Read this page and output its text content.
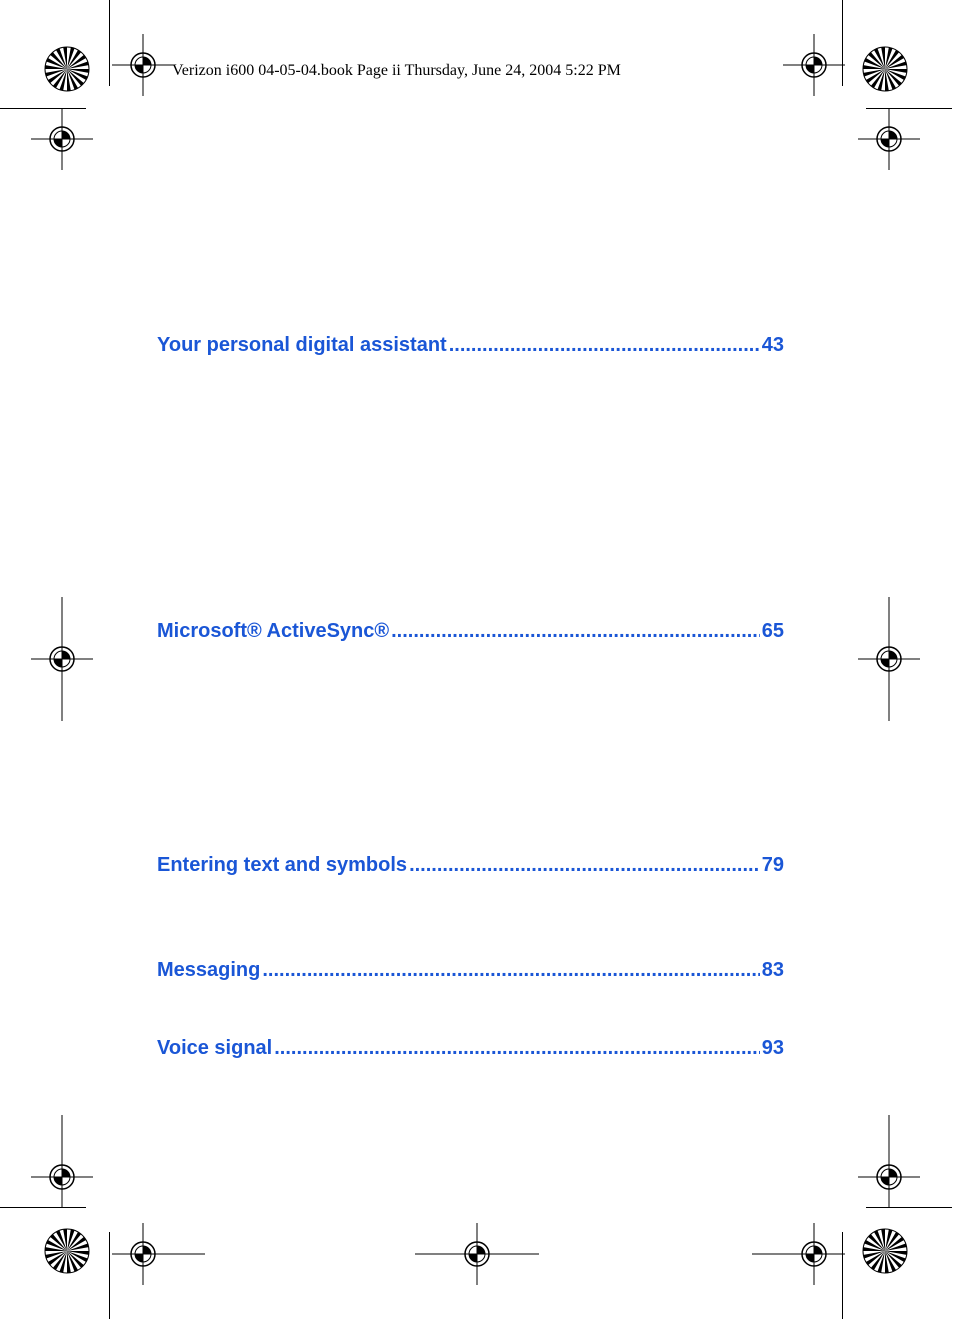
Verizon i600 04-05-04.book Page ii Thursday, June 24, 2004 5:22 PM
Your personal digital assistant .....	43
Microsoft® ActiveSync® .....	65
Entering text and symbols .....	79
Messaging .....	83
Voice signal .....	93
